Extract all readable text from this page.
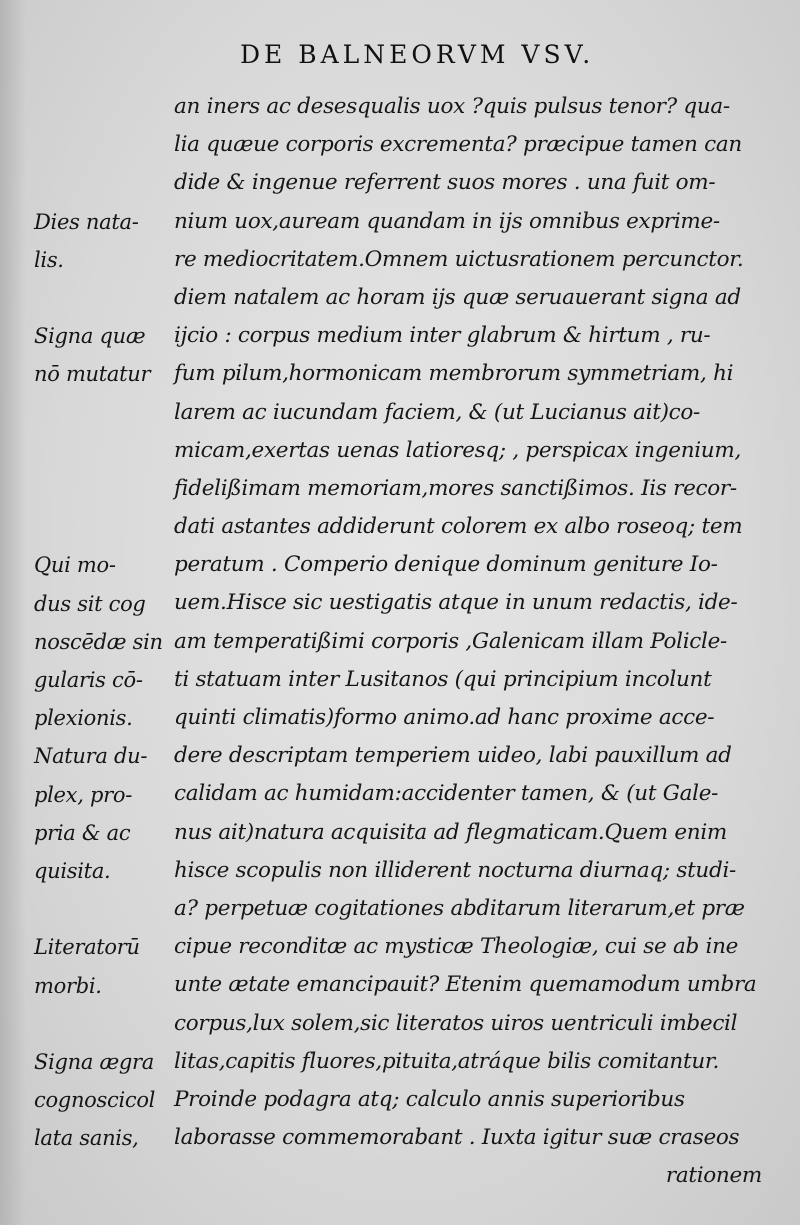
DE BALNEORVM VSV.
an iners ac desesqualis uox ?quis pulsus tenor? qua-
lia quæue corporis excrementa? præcipue tamen can
dide & ingenue referrent suos mores . una fuit om-
nium uox,auream quandam in ijs omnibus exprime-
re mediocritatem.Omnem uictusrationem percunctor.
diem natalem ac horam ijs quæ seruauerant signa ad
ijcio : corpus medium inter glabrum & hirtum , ru-
fum pilum,hormonicam membrorum symmetriam, hi
larem ac iucundam faciem, & (ut Lucianus ait)co-
micam,exertas uenas latioresq; , perspicax ingenium,
fidelißimam memoriam,mores sanctißimos. Iis recor-
dati astantes addiderunt colorem ex albo roseoq; tem
peratum . Comperio denique dominum geniture Io-
uem.Hisce sic uestigatis atque in unum redactis, ide-
am temperatißimi corporis ,Galenicam illam Policle-
ti statuam inter Lusitanos (qui principium incolunt
quinti climatis)formo animo.ad hanc proxime acce-
dere descriptam temperiem uideo, labi pauxillum ad
calidam ac humidam:accidenter tamen, & (ut Gale-
nus ait)natura acquisita ad flegmaticam.Quem enim
hisce scopulis non illiderent nocturna diurnaq; studi-
a? perpetuæ cogitationes abditarum literarum,et præ
cipue reconditæ ac mysticæ Theologiæ, cui se ab ine
unte ætate emancipauit? Etenim quemamodum umbra
corpus,lux solem,sic literatos uiros uentriculi imbecil
litas,capitis fluores,pituita,atráque bilis comitantur.
Proinde podagra atq; calculo annis superioribus
laborasse commemorabant . Iuxta igitur suæ craseos
rationem
Dies nata-
lis.
Signa quæ
nō mutatur
Qui mo-
dus sit cog
noscēdæ sin
gularis cō-
plexionis.
Natura du-
plex, pro-
pria & ac
quisita.
Literatorū
morbi.
Signa ægra
cognoscicol
lata sanis,
